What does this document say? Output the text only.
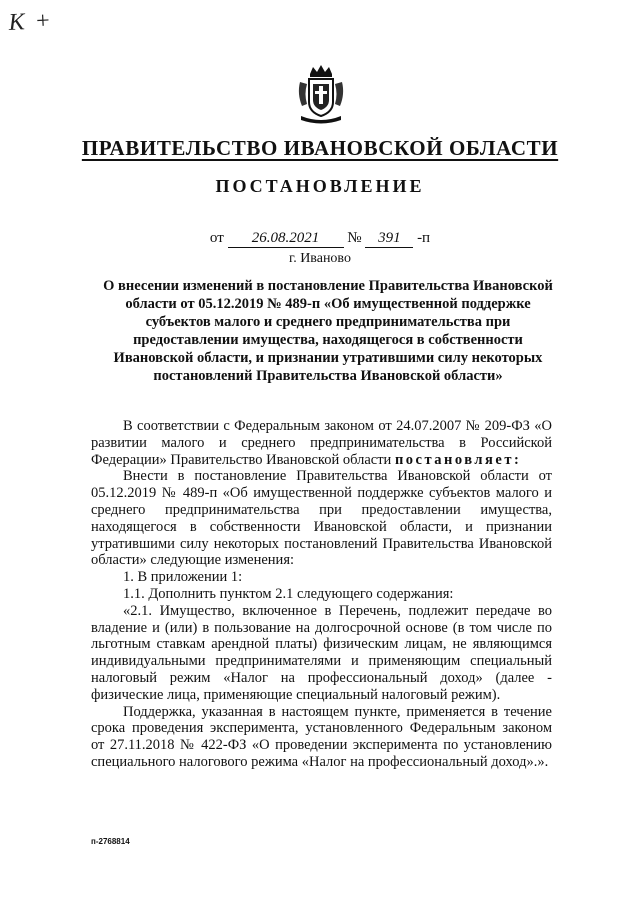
К +
ПРАВИТЕЛЬСТВО ИВАНОВСКОЙ ОБЛАСТИ
ПОСТАНОВЛЕНИЕ
от 26.08.2021 № 391 -п
г. Иваново
О внесении изменений в постановление Правительства Ивановской области от 05.12.2019 № 489-п «Об имущественной поддержке субъектов малого и среднего предпринимательства при предоставлении имущества, находящегося в собственности Ивановской области, и признании утратившими силу некоторых постановлений Правительства Ивановской области»

В соответствии с Федеральным законом от 24.07.2007 № 209-ФЗ «О развитии малого и среднего предпринимательства в Российской Федерации» Правительство Ивановской области постановляет:

Внести в постановление Правительства Ивановской области от 05.12.2019 № 489-п «Об имущественной поддержке субъектов малого и среднего предпринимательства при предоставлении имущества, находящегося в собственности Ивановской области, и признании утратившими силу некоторых постановлений Правительства Ивановской области» следующие изменения:

1. В приложении 1:

1.1. Дополнить пунктом 2.1 следующего содержания:

«2.1. Имущество, включенное в Перечень, подлежит передаче во владение и (или) в пользование на долгосрочной основе (в том числе по льготным ставкам арендной платы) физическим лицам, не являющимся индивидуальными предпринимателями и применяющим специальный налоговый режим «Налог на профессиональный доход» (далее - физические лица, применяющие специальный налоговый режим).

Поддержка, указанная в настоящем пункте, применяется в течение срока проведения эксперимента, установленного Федеральным законом от 27.11.2018 № 422-ФЗ «О проведении эксперимента по установлению специального налогового режима «Налог на профессиональный доход».».

п-2768814
